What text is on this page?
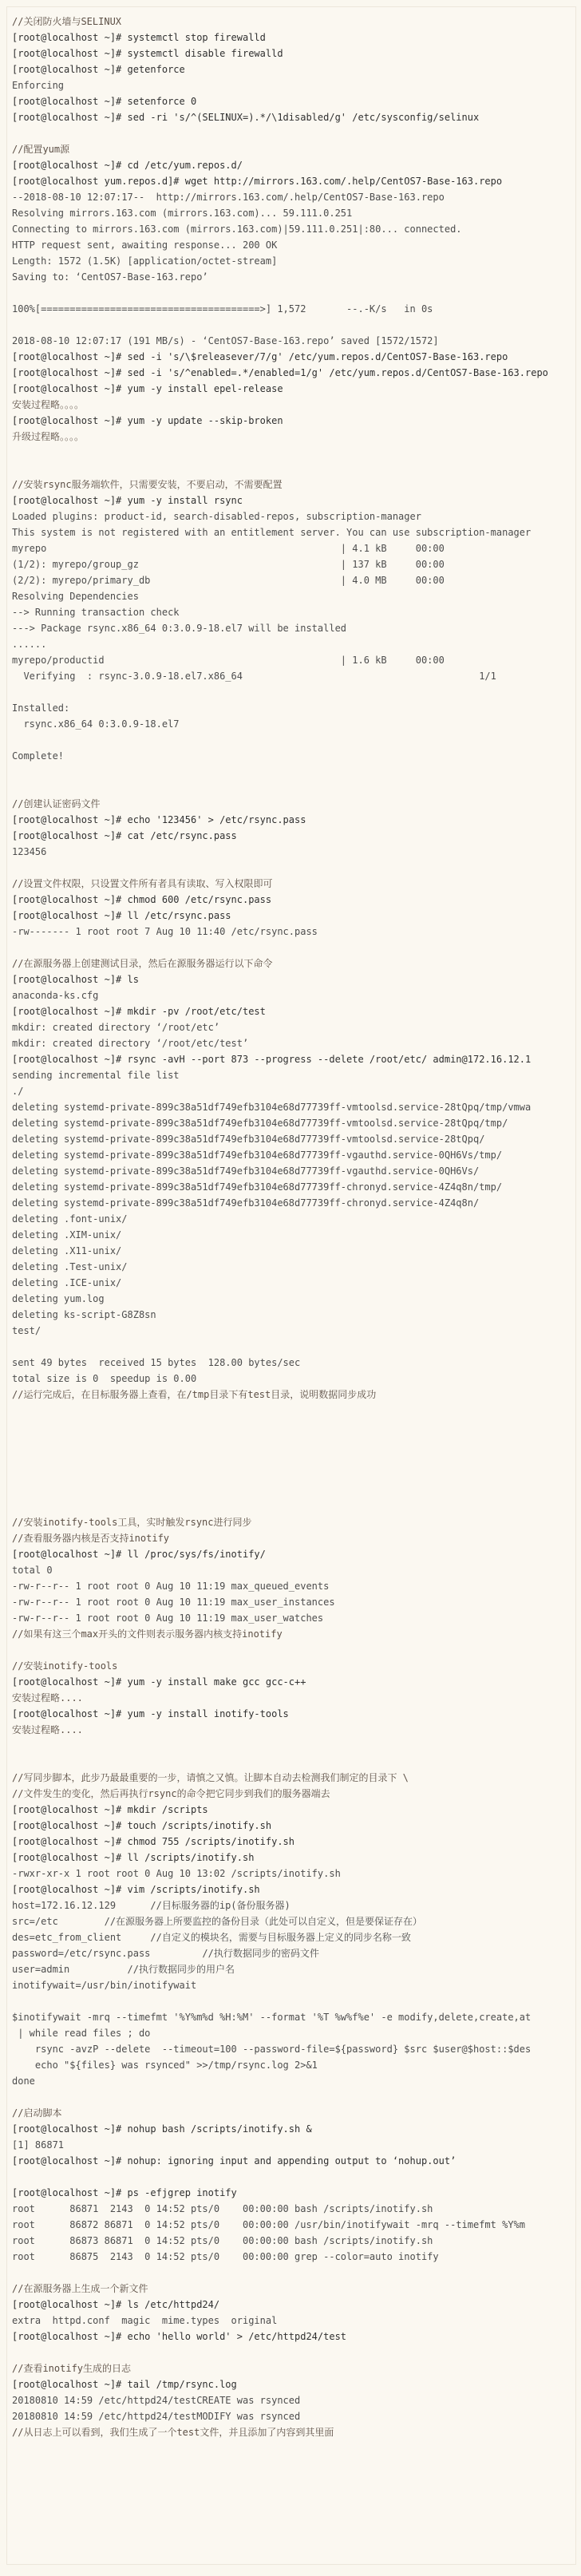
//关闭防火墙与SELINUX
[root@localhost ~]# systemctl stop firewalld
[root@localhost ~]# systemctl disable firewalld
[root@localhost ~]# getenforce
Enforcing
[root@localhost ~]# setenforce 0
[root@localhost ~]# sed -ri 's/^(SELINUX=).*/\1disabled/g' /etc/sysconfig/selinux
//配置yum源
[root@localhost ~]# cd /etc/yum.repos.d/
[root@localhost yum.repos.d]# wget http://mirrors.163.com/.help/CentOS7-Base-163.repo
--2018-08-10 12:07:17--  http://mirrors.163.com/.help/CentOS7-Base-163.repo
Resolving mirrors.163.com (mirrors.163.com)... 59.111.0.251
Connecting to mirrors.163.com (mirrors.163.com)|59.111.0.251|:80... connected.
HTTP request sent, awaiting response... 200 OK
Length: 1572 (1.5K) [application/octet-stream]
Saving to: ‘CentOS7-Base-163.repo’
100%[======================================>] 1,572       --.-K/s   in 0s
2018-08-10 12:07:17 (191 MB/s) - ‘CentOS7-Base-163.repo’ saved [1572/1572]
[root@localhost ~]# sed -i 's/\$releasever/7/g' /etc/yum.repos.d/CentOS7-Base-163.repo
[root@localhost ~]# sed -i 's/^enabled=.*/enabled=1/g' /etc/yum.repos.d/CentOS7-Base-163.repo
[root@localhost ~]# yum -y install epel-release
安装过程略。。。。
[root@localhost ~]# yum -y update --skip-broken
升级过程略。。。。
//安装rsync服务端软件，只需要安装，不要启动，不需要配置
[root@localhost ~]# yum -y install rsync
Loaded plugins: product-id, search-disabled-repos, subscription-manager
This system is not registered with an entitlement server. You can use subscription-manager
myrepo                                                   | 4.1 kB     00:00
(1/2): myrepo/group_gz                                   | 137 kB     00:00
(2/2): myrepo/primary_db                                 | 4.0 MB     00:00
Resolving Dependencies
--> Running transaction check
---> Package rsync.x86_64 0:3.0.9-18.el7 will be installed
......
myrepo/productid                                         | 1.6 kB     00:00
Verifying  : rsync-3.0.9-18.el7.x86_64                                         1/1
Installed:
rsync.x86_64 0:3.0.9-18.el7
Complete!
//创建认证密码文件
[root@localhost ~]# echo '123456' > /etc/rsync.pass
[root@localhost ~]# cat /etc/rsync.pass
123456
//设置文件权限，只设置文件所有者具有读取、写入权限即可
[root@localhost ~]# chmod 600 /etc/rsync.pass
[root@localhost ~]# ll /etc/rsync.pass
-rw------- 1 root root 7 Aug 10 11:40 /etc/rsync.pass
//在源服务器上创建测试目录，然后在源服务器运行以下命令
[root@localhost ~]# ls
anaconda-ks.cfg
[root@localhost ~]# mkdir -pv /root/etc/test
mkdir: created directory ‘/root/etc’
mkdir: created directory ‘/root/etc/test’
[root@localhost ~]# rsync -avH --port 873 --progress --delete /root/etc/ admin@172.16.12.1
sending incremental file list
./
deleting systemd-private-899c38a51df749efb3104e68d77739ff-vmtoolsd.service-28tQpq/tmp/vmwa
deleting systemd-private-899c38a51df749efb3104e68d77739ff-vmtoolsd.service-28tQpq/tmp/
deleting systemd-private-899c38a51df749efb3104e68d77739ff-vmtoolsd.service-28tQpq/
deleting systemd-private-899c38a51df749efb3104e68d77739ff-vgauthd.service-0QH6Vs/tmp/
deleting systemd-private-899c38a51df749efb3104e68d77739ff-vgauthd.service-0QH6Vs/
deleting systemd-private-899c38a51df749efb3104e68d77739ff-chronyd.service-4Z4q8n/tmp/
deleting systemd-private-899c38a51df749efb3104e68d77739ff-chronyd.service-4Z4q8n/
deleting .font-unix/
deleting .XIM-unix/
deleting .X11-unix/
deleting .Test-unix/
deleting .ICE-unix/
deleting yum.log
deleting ks-script-G8Z8sn
test/
sent 49 bytes  received 15 bytes  128.00 bytes/sec
total size is 0  speedup is 0.00
//运行完成后，在目标服务器上查看，在/tmp目录下有test目录，说明数据同步成功
//安装inotify-tools工具，实时触发rsync进行同步
//查看服务器内核是否支持inotify
[root@localhost ~]# ll /proc/sys/fs/inotify/
total 0
-rw-r--r-- 1 root root 0 Aug 10 11:19 max_queued_events
-rw-r--r-- 1 root root 0 Aug 10 11:19 max_user_instances
-rw-r--r-- 1 root root 0 Aug 10 11:19 max_user_watches
//如果有这三个max开头的文件则表示服务器内核支持inotify
//安装inotify-tools
[root@localhost ~]# yum -y install make gcc gcc-c++
安装过程略....
[root@localhost ~]# yum -y install inotify-tools
安装过程略....
//写同步脚本，此步乃最最重要的一步，请慎之又慎。让脚本自动去检测我们制定的目录下 \
//文件发生的变化，然后再执行rsync的命令把它同步到我们的服务器端去
[root@localhost ~]# mkdir /scripts
[root@localhost ~]# touch /scripts/inotify.sh
[root@localhost ~]# chmod 755 /scripts/inotify.sh
[root@localhost ~]# ll /scripts/inotify.sh
-rwxr-xr-x 1 root root 0 Aug 10 13:02 /scripts/inotify.sh
[root@localhost ~]# vim /scripts/inotify.sh
host=172.16.12.129      //目标服务器的ip(备份服务器)
src=/etc        //在源服务器上所要监控的备份目录（此处可以自定义，但是要保证存在）
des=etc_from_client     //自定义的模块名，需要与目标服务器上定义的同步名称一致
password=/etc/rsync.pass         //执行数据同步的密码文件
user=admin          //执行数据同步的用户名
inotifywait=/usr/bin/inotifywait
$inotifywait -mrq --timefmt '%Y%m%d %H:%M' --format '%T %w%f%e' -e modify,delete,create,at
| while read files ; do
rsync -avzP --delete  --timeout=100 --password-file=${password} $src $user@$host::$des
echo "${files} was rsynced" >>/tmp/rsync.log 2>&1
done
//启动脚本
[root@localhost ~]# nohup bash /scripts/inotify.sh &
[1] 86871
[root@localhost ~]# nohup: ignoring input and appending output to ‘nohup.out’
[root@localhost ~]# ps -efjgrep inotify
root      86871  2143  0 14:52 pts/0    00:00:00 bash /scripts/inotify.sh
root      86872 86871  0 14:52 pts/0    00:00:00 /usr/bin/inotifywait -mrq --timefmt %Y%m
root      86873 86871  0 14:52 pts/0    00:00:00 bash /scripts/inotify.sh
root      86875  2143  0 14:52 pts/0    00:00:00 grep --color=auto inotify
//在源服务器上生成一个新文件
[root@localhost ~]# ls /etc/httpd24/
extra  httpd.conf  magic  mime.types  original
[root@localhost ~]# echo 'hello world' > /etc/httpd24/test
//查看inotify生成的日志
[root@localhost ~]# tail /tmp/rsync.log
20180810 14:59 /etc/httpd24/testCREATE was rsynced
20180810 14:59 /etc/httpd24/testMODIFY was rsynced
//从日志上可以看到，我们生成了一个test文件，并且添加了内容到其里面
